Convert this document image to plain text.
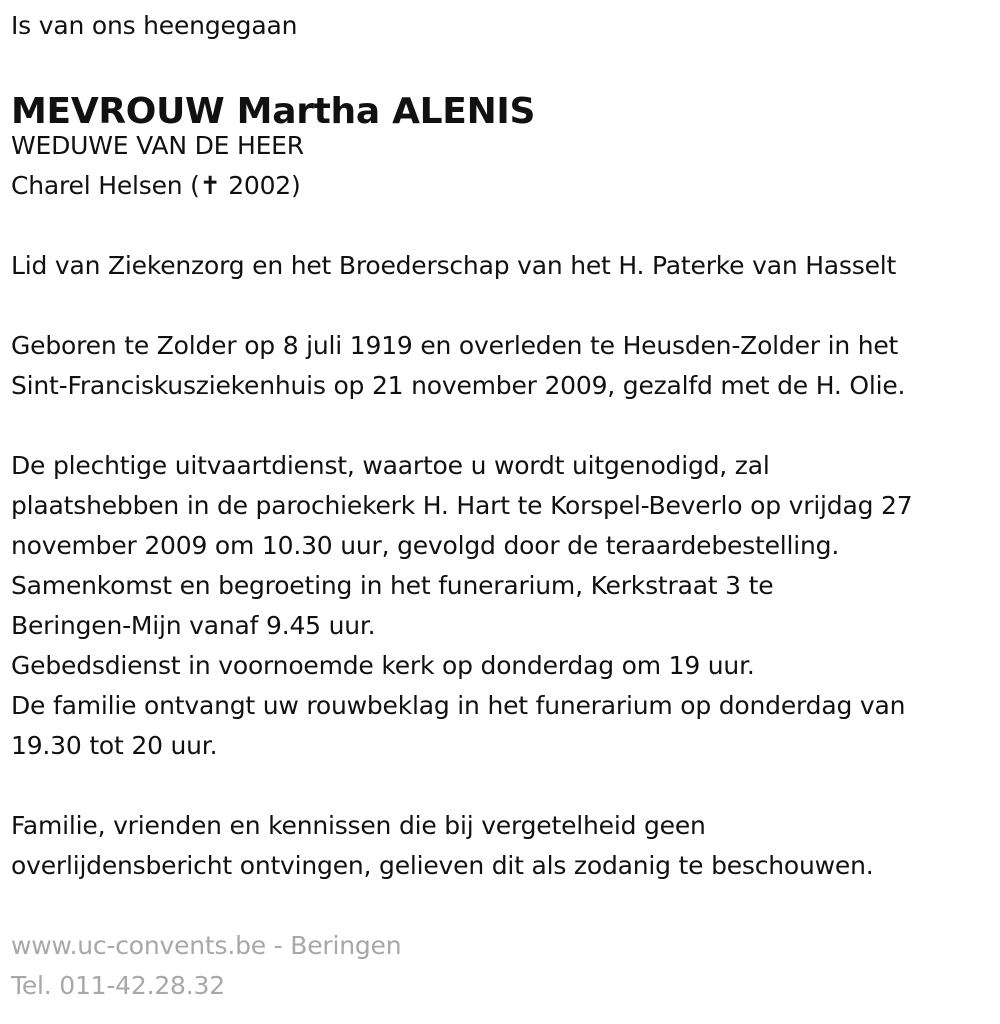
Is van ons heengegaan
MEVROUW Martha ALENIS
WEDUWE VAN DE HEER
Charel Helsen (✝ 2002)
Lid van Ziekenzorg en het Broederschap van het H. Paterke van Hasselt
Geboren te Zolder op 8 juli 1919 en overleden te Heusden-Zolder in het
Sint-Franciskusziekenhuis op 21 november 2009, gezalfd met de H. Olie.
De plechtige uitvaartdienst, waartoe u wordt uitgenodigd, zal
plaatshebben in de parochiekerk H. Hart te Korspel-Beverlo op vrijdag 27
november 2009 om 10.30 uur, gevolgd door de teraardebestelling.
Samenkomst en begroeting in het funerarium, Kerkstraat 3 te
Beringen-Mijn vanaf 9.45 uur.
Gebedsdienst in voornoemde kerk op donderdag om 19 uur.
De familie ontvangt uw rouwbeklag in het funerarium op donderdag van
19.30 tot 20 uur.
Familie, vrienden en kennissen die bij vergetelheid geen
overlijdensbericht ontvingen, gelieven dit als zodanig te beschouwen.
www.uc-convents.be - Beringen
Tel. 011-42.28.32
